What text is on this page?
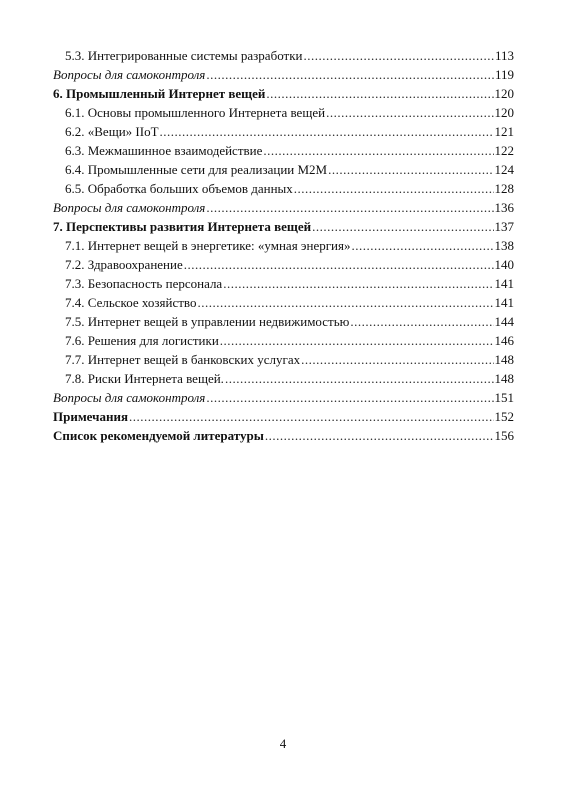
5.3. Интегрированные системы разработки .....	113
Вопросы для самоконтроля .....	119
6. Промышленный Интернет вещей .....	120
6.1. Основы промышленного Интернета вещей .....	120
6.2. «Вещи» IIoT .....	121
6.3. Межмашинное взаимодействие .....	122
6.4. Промышленные сети для реализации М2М .....	124
6.5. Обработка больших объемов данных .....	128
Вопросы для самоконтроля .....	136
7. Перспективы развития Интернета вещей .....	137
7.1. Интернет вещей в энергетике: «умная энергия» .....	138
7.2. Здравоохранение .....	140
7.3. Безопасность персонала .....	141
7.4. Сельское хозяйство .....	141
7.5. Интернет вещей в управлении недвижимостью .....	144
7.6. Решения для логистики .....	146
7.7. Интернет вещей в банковских услугах .....	148
7.8. Риски Интернета вещей. .....	148
Вопросы для самоконтроля .....	151
Примечания .....	152
Список рекомендуемой литературы .....	156
4
